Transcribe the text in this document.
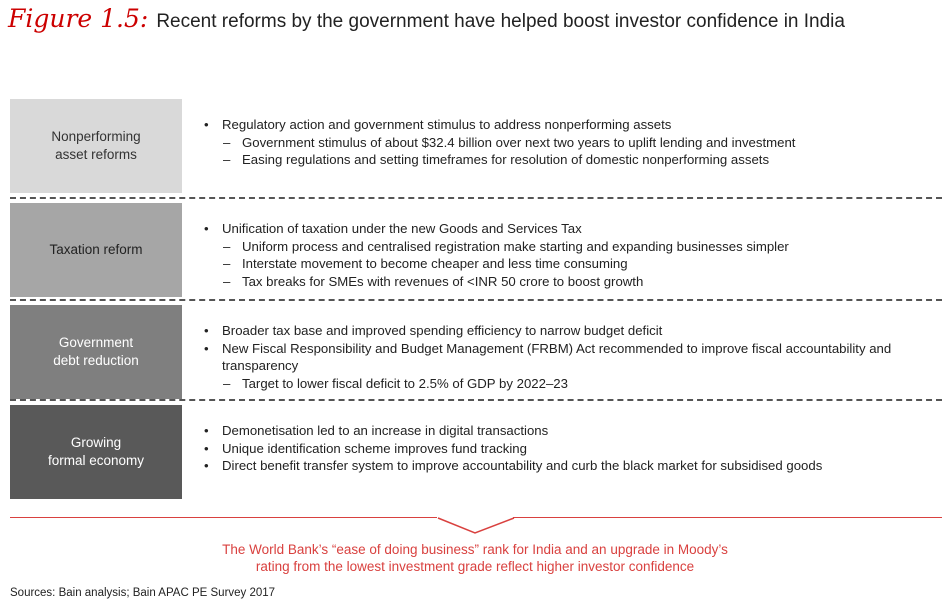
Figure 1.5: Recent reforms by the government have helped boost investor confidence in India
Nonperforming
asset reforms
• Regulatory action and government stimulus to address nonperforming assets
– Government stimulus of about $32.4 billion over next two years to uplift lending and investment
– Easing regulations and setting timeframes for resolution of domestic nonperforming assets
Taxation reform
• Unification of taxation under the new Goods and Services Tax
– Uniform process and centralised registration make starting and expanding businesses simpler
– Interstate movement to become cheaper and less time consuming
– Tax breaks for SMEs with revenues of <INR 50 crore to boost growth
Government
debt reduction
• Broader tax base and improved spending efficiency to narrow budget deficit
• New Fiscal Responsibility and Budget Management (FRBM) Act recommended to improve fiscal accountability and transparency
– Target to lower fiscal deficit to 2.5% of GDP by 2022–23
Growing
formal economy
• Demonetisation led to an increase in digital transactions
• Unique identification scheme improves fund tracking
• Direct benefit transfer system to improve accountability and curb the black market for subsidised goods
The World Bank’s “ease of doing business” rank for India and an upgrade in Moody’s
rating from the lowest investment grade reflect higher investor confidence
Sources: Bain analysis; Bain APAC PE Survey 2017
